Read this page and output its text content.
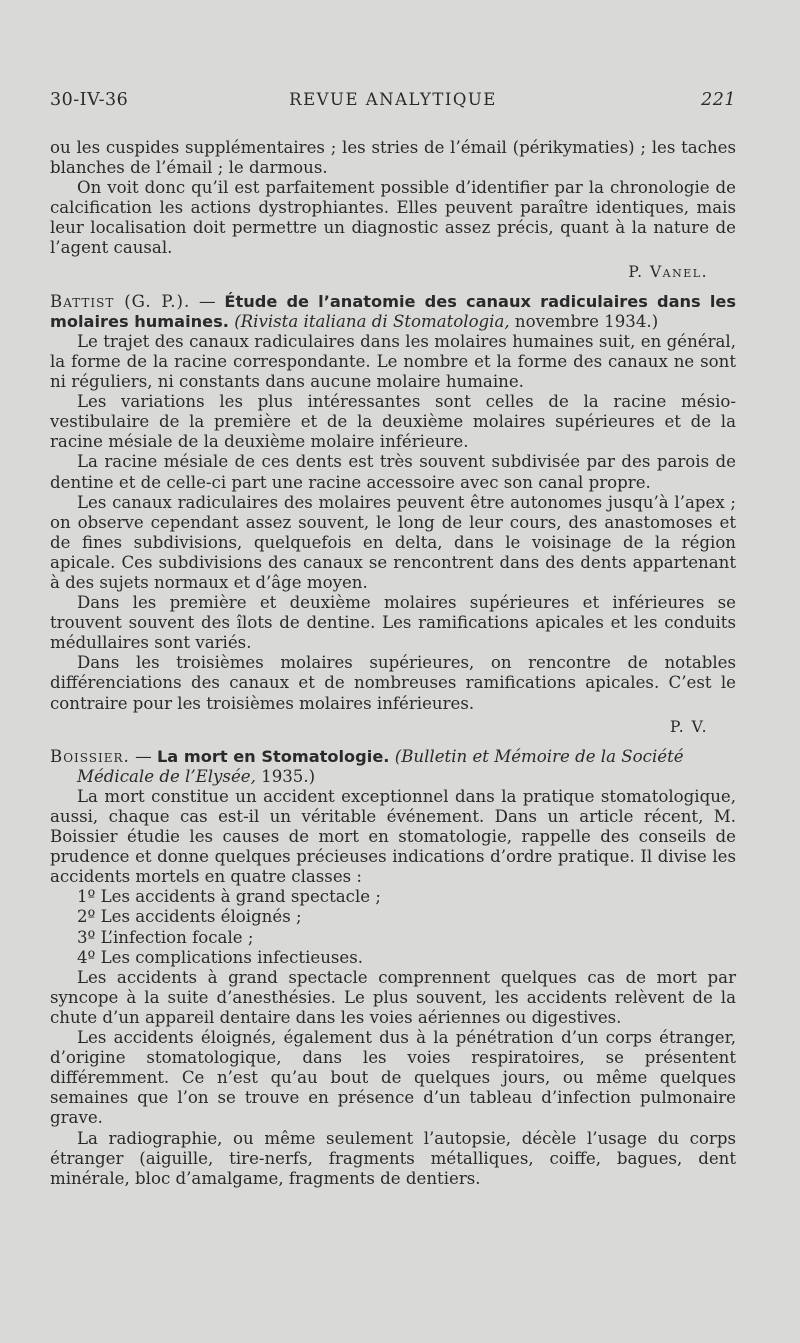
30-IV-36	REVUE ANALYTIQUE	221

ou les cuspides supplémentaires ; les stries de l’émail (périkymaties) ; les taches blanches de l’émail ; le darmous.

On voit donc qu’il est parfaitement possible d’identifier par la chronologie de calcification les actions dystrophiantes. Elles peuvent paraître identiques, mais leur localisation doit permettre un diagnostic assez précis, quant à la nature de l’agent causal.

P. Vanel.

Battist (G. P.). — Étude de l’anatomie des canaux radiculaires dans les molaires humaines. (Rivista italiana di Stomatologia, novembre 1934.)

Le trajet des canaux radiculaires dans les molaires humaines suit, en général, la forme de la racine correspondante. Le nombre et la forme des canaux ne sont ni réguliers, ni constants dans aucune molaire humaine.

Les variations les plus intéressantes sont celles de la racine mésio-vestibulaire de la première et de la deuxième molaires supérieures et de la racine mésiale de la deuxième molaire inférieure.

La racine mésiale de ces dents est très souvent subdivisée par des parois de dentine et de celle-ci part une racine accessoire avec son canal propre.

Les canaux radiculaires des molaires peuvent être autonomes jusqu’à l’apex ; on observe cependant assez souvent, le long de leur cours, des anastomoses et de fines subdivisions, quelquefois en delta, dans le voisinage de la région apicale. Ces subdivisions des canaux se rencontrent dans des dents appartenant à des sujets normaux et d’âge moyen.

Dans les première et deuxième molaires supérieures et inférieures se trouvent souvent des îlots de dentine. Les ramifications apicales et les conduits médullaires sont variés.

Dans les troisièmes molaires supérieures, on rencontre de notables différenciations des canaux et de nombreuses ramifications apicales. C’est le contraire pour les troisièmes molaires inférieures.

P. V.

Boissier. — La mort en Stomatologie. (Bulletin et Mémoire de la Société
Médicale de l’Elysée, 1935.)

La mort constitue un accident exceptionnel dans la pratique stomatologique, aussi, chaque cas est-il un véritable événement. Dans un article récent, M. Boissier étudie les causes de mort en stomatologie, rappelle des conseils de prudence et donne quelques précieuses indications d’ordre pratique. Il divise les accidents mortels en quatre classes :

1º Les accidents à grand spectacle ;
2º Les accidents éloignés ;
3º L’infection focale ;
4º Les complications infectieuses.

Les accidents à grand spectacle comprennent quelques cas de mort par syncope à la suite d’anesthésies. Le plus souvent, les accidents relèvent de la chute d’un appareil dentaire dans les voies aériennes ou digestives.

Les accidents éloignés, également dus à la pénétration d’un corps étranger, d’origine stomatologique, dans les voies respiratoires, se présentent différemment. Ce n’est qu’au bout de quelques jours, ou même quelques semaines que l’on se trouve en présence d’un tableau d’infection pulmonaire grave.

La radiographie, ou même seulement l’autopsie, décèle l’usage du corps étranger (aiguille, tire-nerfs, fragments métalliques, coiffe, bagues, dent minérale, bloc d’amalgame, fragments de dentiers.
